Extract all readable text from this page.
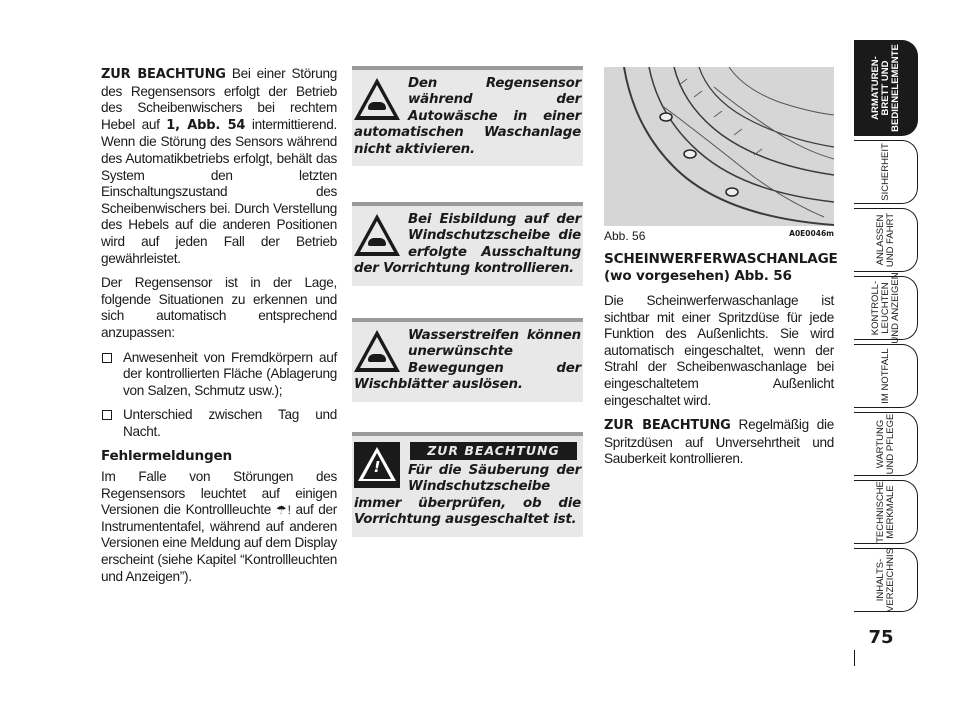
ZUR BEACHTUNG Bei einer Störung des Regensensors erfolgt der Betrieb des Scheibenwischers bei rechtem Hebel auf 1, Abb. 54 intermittierend. Wenn die Störung des Sensors während des Automatikbetriebs erfolgt, behält das System den letzten Einschaltungszustand des Scheibenwischers bei. Durch Verstellung des Hebels auf die anderen Positionen wird auf jeden Fall der Betrieb gewährleistet.

Der Regensensor ist in der Lage, folgende Situationen zu erkennen und sich automatisch entsprechend anzupassen:

Anwesenheit von Fremdkörpern auf der kontrollierten Fläche (Ablagerung von Salzen, Schmutz usw.);
Unterschied zwischen Tag und Nacht.
Fehlermeldungen

Im Falle von Störungen des Regensensors leuchtet auf einigen Versionen die Kontrollleuchte ☂! auf der Instrumententafel, während auf anderen Versionen eine Meldung auf dem Display erscheint (siehe Kapitel “Kontrollleuchten und Anzeigen”).

Den Regensensor während der Autowäsche in einer automatischen Waschanlage nicht aktivieren.
Bei Eisbildung auf der Windschutzscheibe die erfolgte Ausschaltung der Vorrichtung kontrollieren.
Wasserstreifen können unerwünschte Bewegungen der Wischblätter auslösen.
!
ZUR BEACHTUNG
Für die Säuberung der Windschutzscheibe immer überprüfen, ob die Vorrichtung ausgeschaltet ist.
Abb. 56	A0E0046m
SCHEINWERFERWASCHANLAGE (wo vorgesehen) Abb. 56

Die Scheinwerferwaschanlage ist sichtbar mit einer Spritzdüse für jede Funktion des Außenlichts. Sie wird automatisch eingeschaltet, wenn der Strahl der Scheibenwaschanlage bei eingeschaltetem Außenlicht eingeschaltet wird.

ZUR BEACHTUNG Regelmäßig die Spritzdüsen auf Unversehrtheit und Sauberkeit kontrollieren.

ARMATUREN-
BRETT UND
BEDIENELEMENTE
SICHERHEIT
ANLASSEN
UND FAHRT
KONTROLL-
LEUCHTEN
UND ANZEIGEN
IM NOTFALL
WARTUNG
UND PFLEGE
TECHNISCHE
MERKMALE
INHALTS-
VERZEICHNIS
75
